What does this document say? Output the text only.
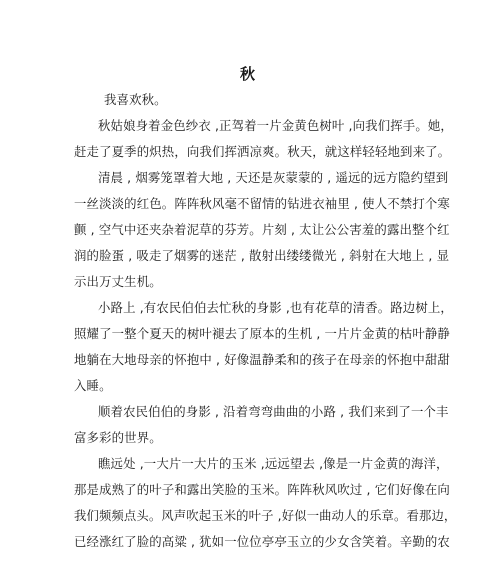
秋
我喜欢秋。
秋姑娘身着金色纱衣 ,正驾着一片金黄色树叶 ,向我们挥手。她，
赶走了夏季的炽热，向我们挥洒凉爽。秋天，就这样轻轻地到来了。
清晨 , 烟雾笼罩着大地 , 天还是灰蒙蒙的 , 遥远的远方隐约望到
一丝淡淡的红色。阵阵秋风毫不留情的钻进衣袖里 , 使人不禁打个寒
颤 , 空气中还夹杂着泥草的芬芳。片刻 , 太让公公害羞的露出整个红
润的脸蛋 , 吸走了烟雾的迷茫 , 散射出缕缕微光 , 斜射在大地上 , 显
示出万丈生机。
小路上 ,有农民伯伯去忙秋的身影 ,也有花草的清香。路边树上，
照耀了一整个夏天的树叶褪去了原本的生机 , 一片片金黄的枯叶静静
地躺在大地母亲的怀抱中 , 好像温静柔和的孩子在母亲的怀抱中甜甜
入睡。
顺着农民伯伯的身影 , 沿着弯弯曲曲的小路 , 我们来到了一个丰
富多彩的世界。
瞧远处 ,一大片一大片的玉米 ,远远望去 ,像是一片金黄的海洋，
那是成熟了的叶子和露出笑脸的玉米。阵阵秋风吹过 , 它们好像在向
我们频频点头。风声吹起玉米的叶子 ,好似一曲动人的乐章。看那边，
已经涨红了脸的高粱 , 犹如一位位亭亭玉立的少女含笑着。辛勤的农
